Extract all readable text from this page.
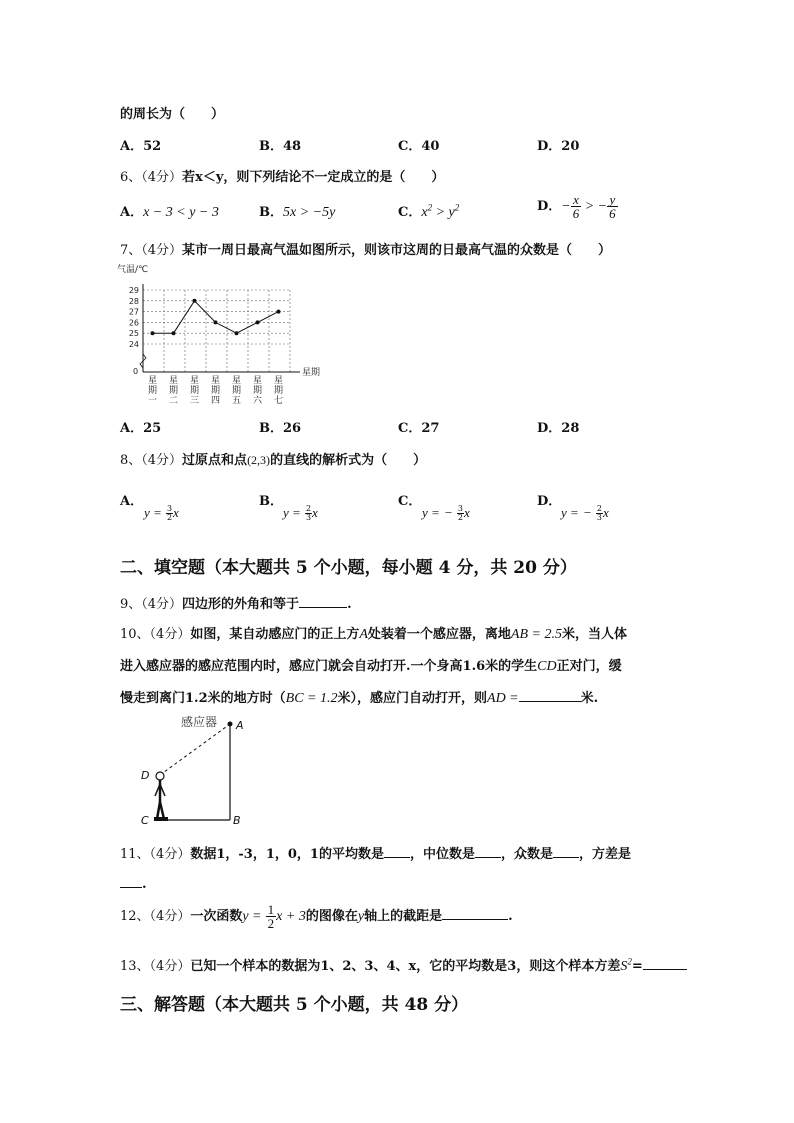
的周长为（　　）
A．52	B．48	C．40	D．20
6、（4分）若x＜y，则下列结论不一定成立的是（　　）
A．x − 3 < y − 3	B．5x > −5y	C．$x^2 > y^2$	D．− $\frac{x}{6}$ > − $\frac{y}{6}$
7、（4分）某市一周日最高气温如图所示，则该市这周的日最高气温的众数是（　　）
气温/℃
24
25
26
27
28
29
0	星期
星
期
一
星
期
二
星
期
三
星
期
四
星
期
五
星
期
六
星
期
七
A．25	B．26	C．27	D．28
8、（4分）过原点和点(2,3)的直线的解析式为（　　）
A．
$y = \frac{3}{2}$ x
B．
$y = \frac{2}{3}$ x
C．
y = − $\frac{3}{2}$ x
D．
y = − $\frac{2}{3}$ x
二、填空题（本大题共 5 个小题，每小题 4 分，共 20 分）
9、（4分）四边形的外角和等于	.
10、（4分）如图，某自动感应门的正上方A处装着一个感应器，离地AB = 2.5米，当人体
进入感应器的感应范围内时，感应门就会自动打开.一个身高1.6米的学生CD正对门，缓
慢走到离门1.2米的地方时（BC = 1.2米），感应门自动打开，则AD =	米.
感应器 A
D
C	B
11、（4分）数据1，-3，1，0，1的平均数是 ，中位数是 ，众数是 ，方差是
.
12、（4分）一次函数$y = \frac{1}{2}$ x + 3的图像在y轴上的截距是	.
13、（4分）已知一个样本的数据为1、2、3、4、x，它的平均数是3，则这个样本方差$S^2=$
三、解答题（本大题共 5 个小题，共 48 分）
